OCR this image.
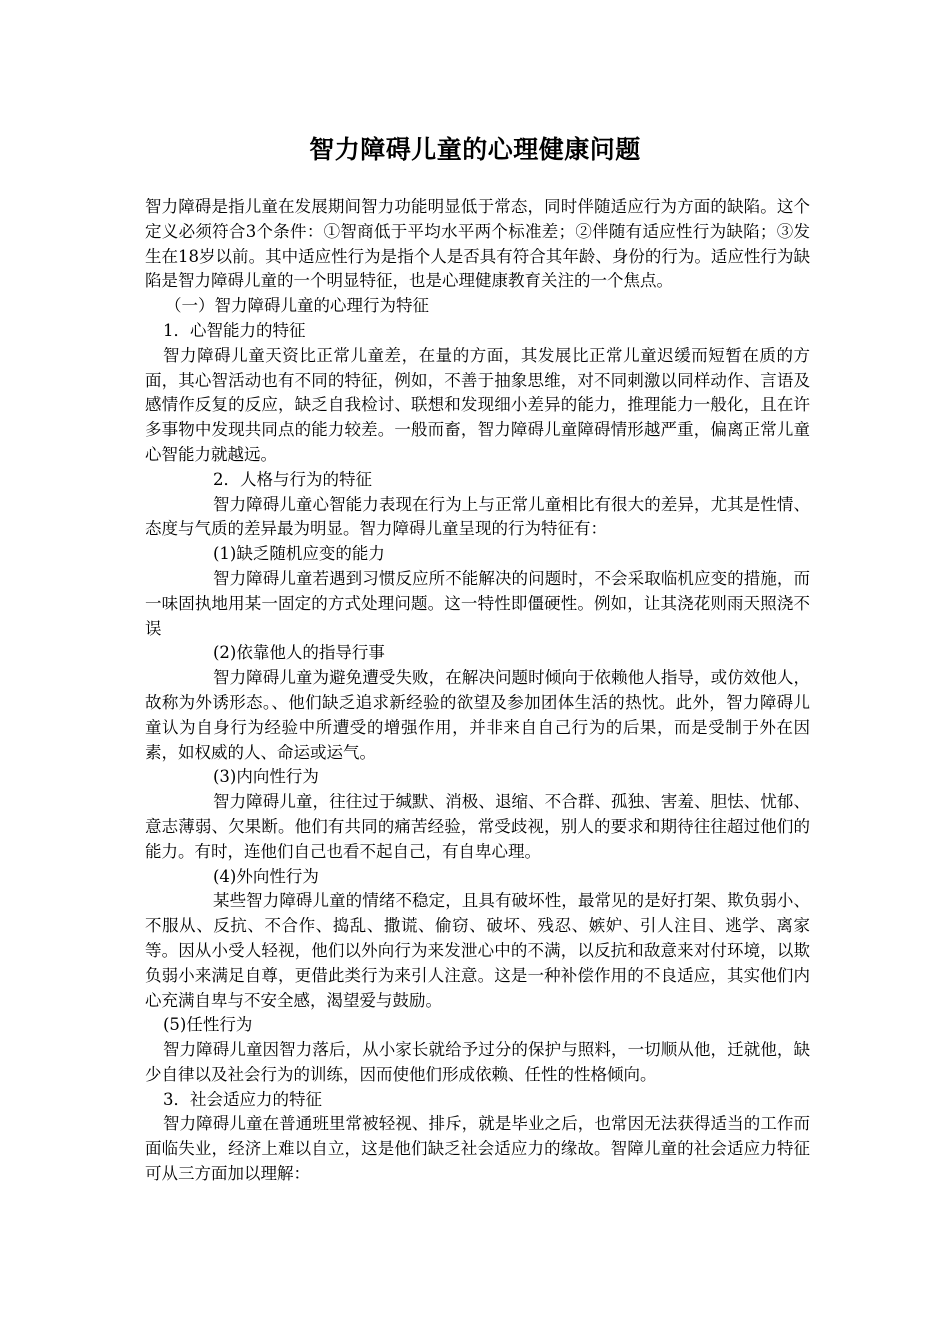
智力障碍儿童的心理健康问题

智力障碍是指儿童在发展期间智力功能明显低于常态，同时伴随适应行为方面的缺陷。这个定义必须符合3个条件：①智商低于平均水平两个标准差；②伴随有适应性行为缺陷；③发生在18岁以前。其中适应性行为是指个人是否具有符合其年龄、身份的行为。适应性行为缺陷是智力障碍儿童的一个明显特征，也是心理健康教育关注的一个焦点。

（一）智力障碍儿童的心理行为特征

1．心智能力的特征

智力障碍儿童天资比正常儿童差，在量的方面，其发展比正常儿童迟缓而短暂在质的方面，其心智活动也有不同的特征，例如，不善于抽象思维，对不同刺激以同样动作、言语及感情作反复的反应，缺乏自我检讨、联想和发现细小差异的能力，推理能力一般化，且在许多事物中发现共同点的能力较差。一般而畜，智力障碍儿童障碍情形越严重，偏离正常儿童心智能力就越远。

2．人格与行为的特征

智力障碍儿童心智能力表现在行为上与正常儿童相比有很大的差异，尤其是性情、态度与气质的差异最为明显。智力障碍儿童呈现的行为特征有：

(1)缺乏随机应变的能力

智力障碍儿童若遇到习惯反应所不能解决的问题时，不会采取临机应变的措施，而一味固执地用某一固定的方式处理问题。这一特性即僵硬性。例如，让其浇花则雨天照浇不误

(2)依靠他人的指导行事

智力障碍儿童为避免遭受失败，在解决问题时倾向于依赖他人指导，或仿效他人，故称为外诱形态。、他们缺乏追求新经验的欲望及参加团体生活的热忱。此外，智力障碍儿童认为自身行为经验中所遭受的增强作用，并非来自自己行为的后果，而是受制于外在因素，如权威的人、命运或运气。

(3)内向性行为

智力障碍儿童，往往过于缄默、消极、退缩、不合群、孤独、害羞、胆怯、忧郁、意志薄弱、欠果断。他们有共同的痛苦经验，常受歧视，别人的要求和期待往往超过他们的能力。有时，连他们自己也看不起自己，有自卑心理。

(4)外向性行为

某些智力障碍儿童的情绪不稳定，且具有破坏性，最常见的是好打架、欺负弱小、不服从、反抗、不合作、捣乱、撒谎、偷窃、破坏、残忍、嫉妒、引人注目、逃学、离家等。因从小受人轻视，他们以外向行为来发泄心中的不满，以反抗和敌意来对付环境，以欺负弱小来满足自尊，更借此类行为来引人注意。这是一种补偿作用的不良适应，其实他们内心充满自卑与不安全感，渴望爱与鼓励。

(5)任性行为

智力障碍儿童因智力落后，从小家长就给予过分的保护与照料，一切顺从他，迁就他，缺少自律以及社会行为的训练，因而使他们形成依赖、任性的性格倾向。

3．社会适应力的特征

智力障碍儿童在普通班里常被轻视、排斥，就是毕业之后，也常因无法获得适当的工作而面临失业，经济上难以自立，这是他们缺乏社会适应力的缘故。智障儿童的社会适应力特征可从三方面加以理解：
